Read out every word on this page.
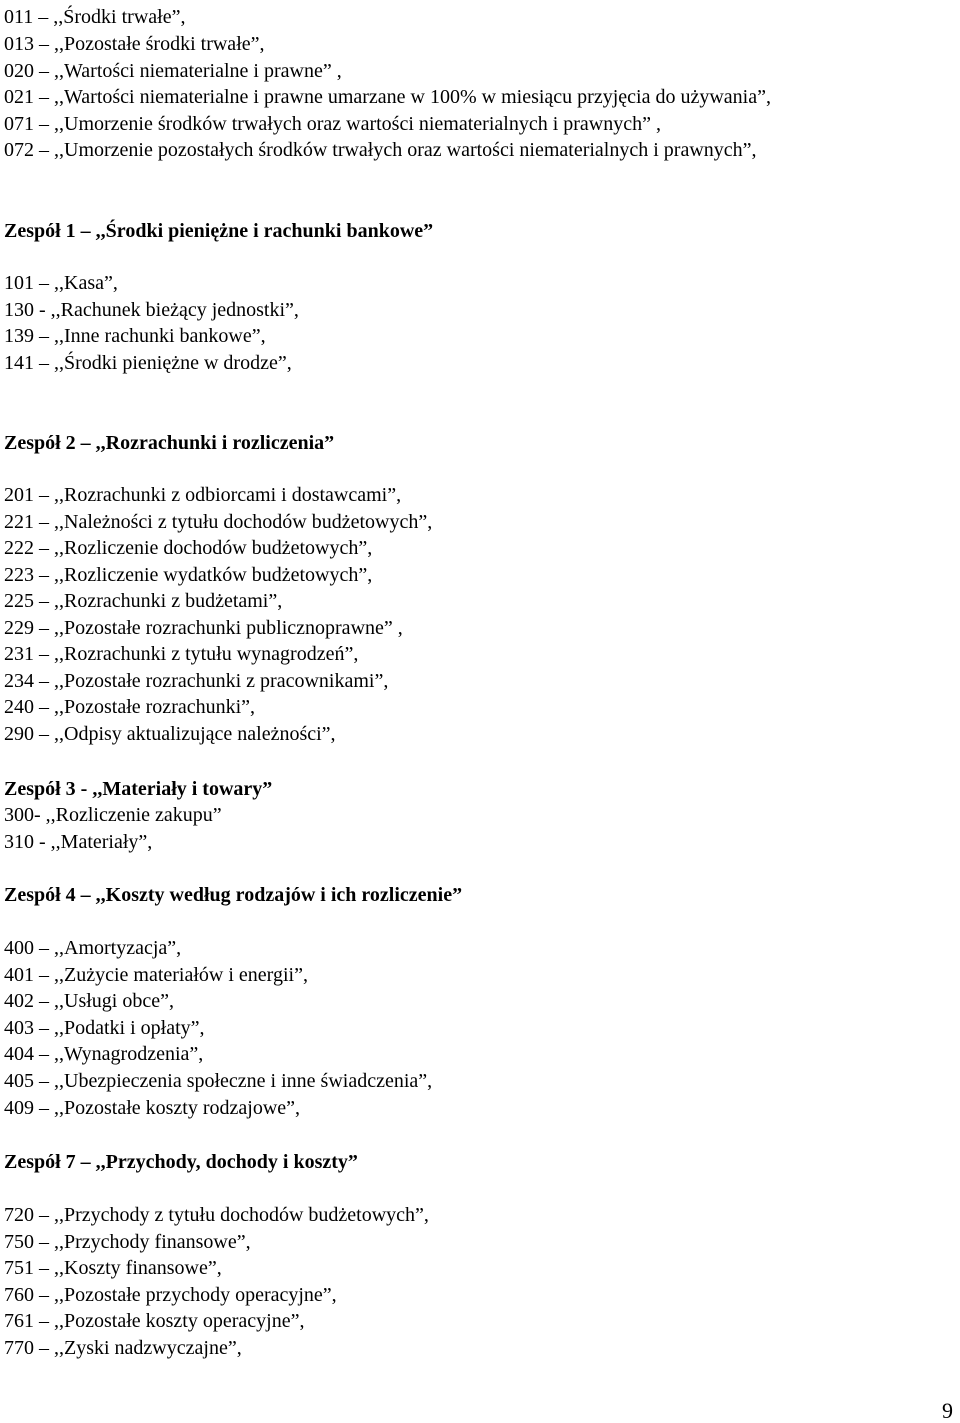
011 – ,,Środki trwałe”,
013 – ,,Pozostałe środki trwałe”,
020 – ,,Wartości niematerialne i prawne” ,
021 – ,,Wartości niematerialne i prawne umarzane w 100% w miesiącu przyjęcia do używania”,
071 – ,,Umorzenie środków trwałych oraz wartości niematerialnych i prawnych” ,
072 – ,,Umorzenie pozostałych środków trwałych oraz wartości niematerialnych i prawnych”,
Zespół 1 – ,,Środki pieniężne i rachunki bankowe”
101 – ,,Kasa”,
130 - ,,Rachunek bieżący jednostki”,
139 – ,,Inne rachunki bankowe”,
141 – ,,Środki pieniężne w drodze”,
Zespół 2 – ,,Rozrachunki i rozliczenia”
201 – ,,Rozrachunki z odbiorcami i dostawcami”,
221 – ,,Należności z tytułu dochodów budżetowych”,
222 – ,,Rozliczenie dochodów budżetowych”,
223 – ,,Rozliczenie wydatków budżetowych”,
225 – ,,Rozrachunki z budżetami”,
229 – ,,Pozostałe rozrachunki publicznoprawne” ,
231 – ,,Rozrachunki z tytułu wynagrodzeń”,
234 – ,,Pozostałe rozrachunki z pracownikami”,
240 – ,,Pozostałe rozrachunki”,
290 – ,,Odpisy aktualizujące należności”,
Zespół 3 - ,,Materiały i towary”
300- ,,Rozliczenie zakupu”
310 - ,,Materiały”,
Zespół 4 – ,,Koszty według rodzajów i ich rozliczenie”
400 – ,,Amortyzacja”,
401 – ,,Zużycie materiałów i energii”,
402 – ,,Usługi obce”,
403 – ,,Podatki i opłaty”,
404 – ,,Wynagrodzenia”,
405 – ,,Ubezpieczenia społeczne i inne świadczenia”,
409 – ,,Pozostałe koszty rodzajowe”,
Zespół 7 – ,,Przychody, dochody i koszty”
720 – ,,Przychody z tytułu dochodów budżetowych”,
750 – ,,Przychody finansowe”,
751 – ,,Koszty finansowe”,
760 – ,,Pozostałe przychody operacyjne”,
761 – ,,Pozostałe koszty operacyjne”,
770 – ,,Zyski nadzwyczajne”,
9
